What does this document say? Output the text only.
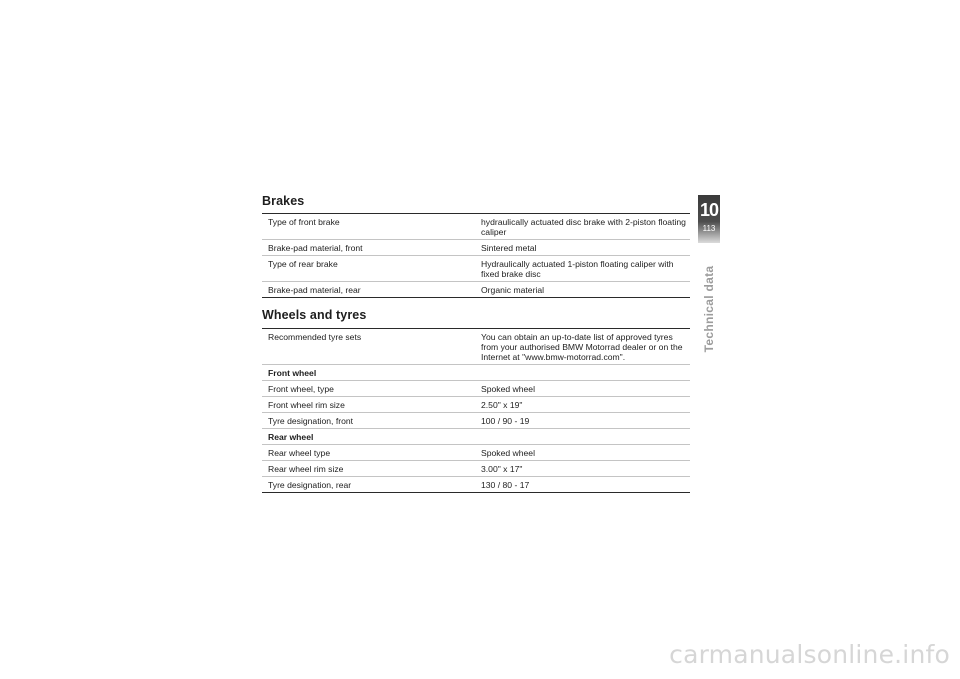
Brakes
Type of front brake	hydraulically actuated disc brake with 2-piston floating caliper
Brake-pad material, front	Sintered metal
Type of rear brake	Hydraulically actuated 1-piston floating caliper with fixed brake disc
Brake-pad material, rear	Organic material
Wheels and tyres
Recommended tyre sets	You can obtain an up-to-date list of approved tyres from your authorised BMW Motorrad dealer or on the Internet at "www.bmw-motorrad.com".
Front wheel	
Front wheel, type	Spoked wheel
Front wheel rim size	2.50" x 19"
Tyre designation, front	100 / 90 - 19
Rear wheel	
Rear wheel type	Spoked wheel
Rear wheel rim size	3.00" x 17"
Tyre designation, rear	130 / 80 - 17
10
113
Technical data
carmanualsonline.info
